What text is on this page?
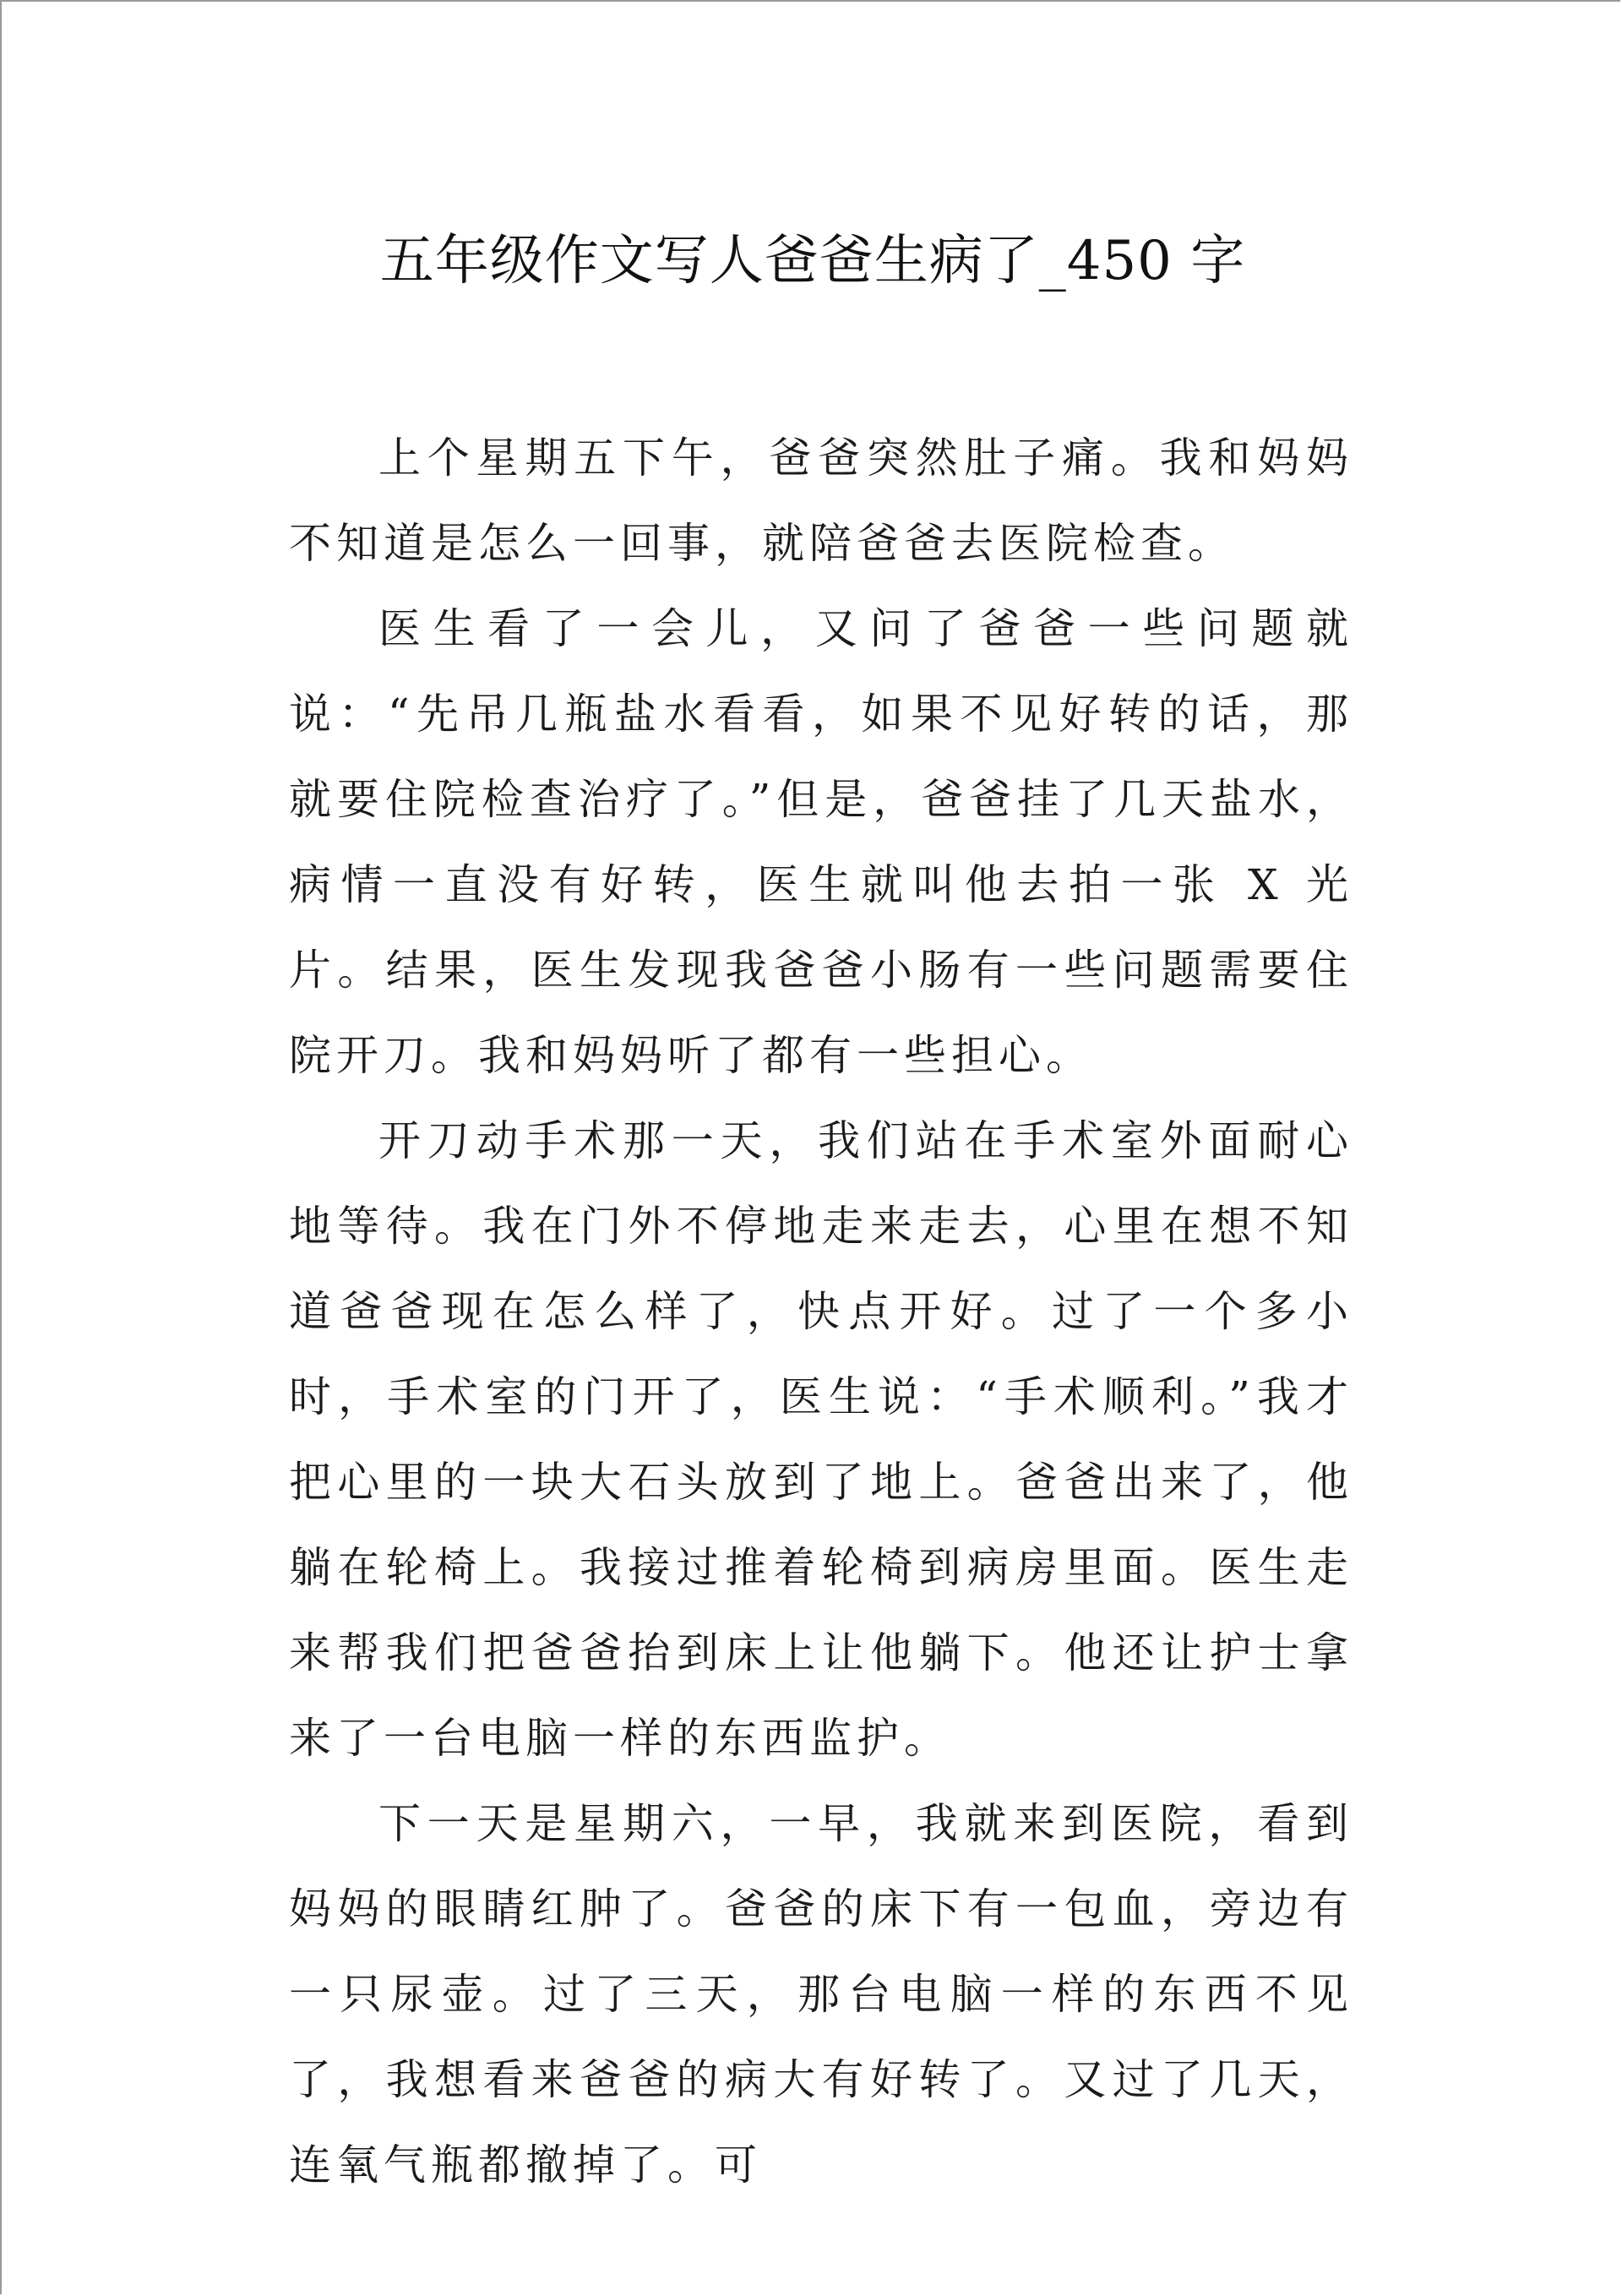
五年级作文写人爸爸生病了_450 字

上个星期五下午，爸爸突然肚子痛。我和妈妈不知道是怎么一回事，就陪爸爸去医院检查。

医生看了一会儿，又问了爸爸一些问题就说：“先吊几瓶盐水看看，如果不见好转的话，那就要住院检查治疗了。”但是，爸爸挂了几天盐水，病情一直没有好转，医生就叫他去拍一张 X 光片。结果，医生发现我爸爸小肠有一些问题需要住院开刀。我和妈妈听了都有一些担心。

开刀动手术那一天，我们站在手术室外面耐心地等待。我在门外不停地走来走去，心里在想不知道爸爸现在怎么样了，快点开好。过了一个多小时，手术室的门开了，医生说：“手术顺利。”我才把心里的一块大石头放到了地上。爸爸出来了，他躺在轮椅上。我接过推着轮椅到病房里面。医生走来帮我们把爸爸抬到床上让他躺下。他还让护士拿来了一台电脑一样的东西监护。

下一天是星期六，一早，我就来到医院，看到妈妈的眼睛红肿了。爸爸的床下有一包血，旁边有一只尿壶。过了三天，那台电脑一样的东西不见了，我想看来爸爸的病大有好转了。又过了几天，连氧气瓶都撤掉了。可
